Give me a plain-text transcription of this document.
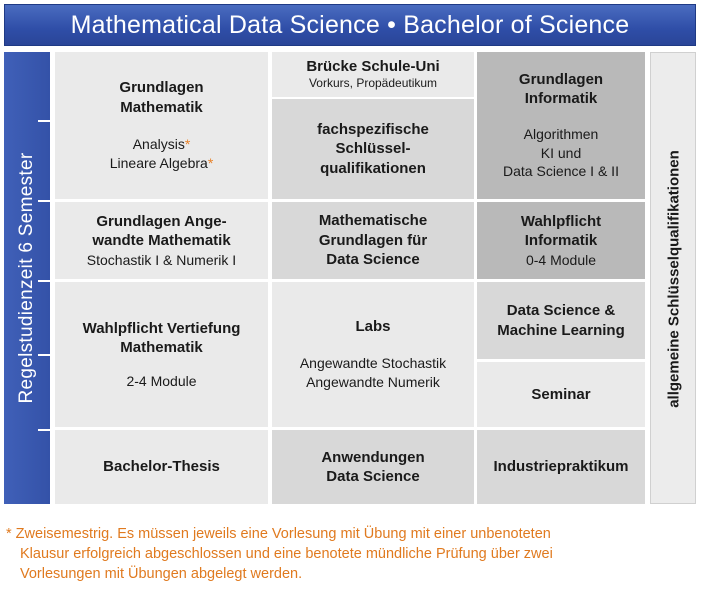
Mathematical Data Science • Bachelor of Science
Regelstudienzeit 6 Semester	allgemeine Schlüsselqualifikationen
Grundlagen
Mathematik
Analysis*
Lineare Algebra*
Grundlagen Ange-
wandte Mathematik
Stochastik I & Numerik I
Wahlpflicht Vertiefung
Mathematik
2-4 Module
Bachelor-Thesis
Brücke Schule-Uni
Vorkurs, Propädeutikum
fachspezifische
Schlüssel-
qualifikationen
Mathematische
Grundlagen für
Data Science
Labs
Angewandte Stochastik
Angewandte Numerik
Anwendungen
Data Science
Grundlagen
Informatik
Algorithmen
KI und
Data Science I & II
Wahlpflicht
Informatik
0-4 Module
Data Science &
Machine Learning
Seminar
Industriepraktikum
* Zweisemestrig. Es müssen jeweils eine Vorlesung mit Übung mit einer unbenoteten
Klausur erfolgreich abgeschlossen und eine benotete mündliche Prüfung über zwei
Vorlesungen mit Übungen abgelegt werden.
